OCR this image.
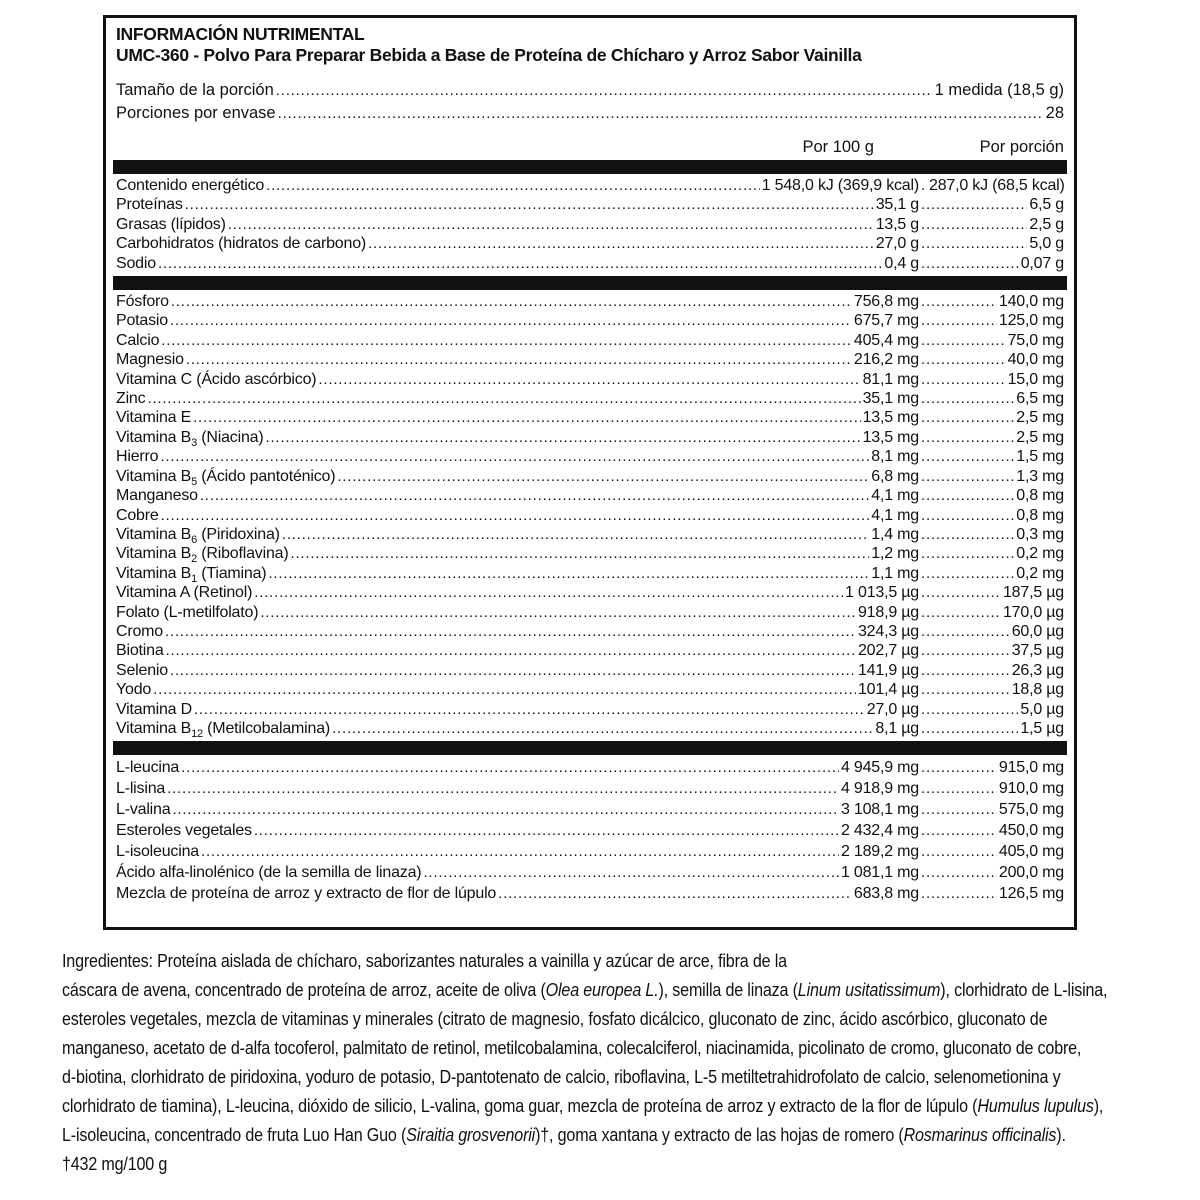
INFORMACIÓN NUTRIMENTAL
UMC-360 - Polvo Para Preparar Bebida a Base de Proteína de Chícharo y Arroz Sabor Vainilla
Tamaño de la porción .....	1 medida (18,5 g)
Porciones por envase .....	28
Por 100 g	Por porción
Contenido energético .....	1 548,0 kJ (369,9 kcal) ..... 287,0 kJ (68,5 kcal)
Proteínas .....	35,1 g .....	6,5 g
Grasas (lípidos) .....	13,5 g .....	2,5 g
Carbohidratos (hidratos de carbono) .....	27,0 g .....	5,0 g
Sodio .....	0,4 g .....	0,07 g
Fósforo .....	756,8 mg .....	140,0 mg
Potasio .....	675,7 mg .....	125,0 mg
Calcio .....	405,4 mg .....	75,0 mg
Magnesio .....	216,2 mg .....	40,0 mg
Vitamina C (Ácido ascórbico) .....	81,1 mg .....	15,0 mg
Zinc .....	35,1 mg .....	6,5 mg
Vitamina E .....	13,5 mg .....	2,5 mg
Vitamina $B_3$ (Niacina) .....	13,5 mg .....	2,5 mg
Hierro .....	8,1 mg .....	1,5 mg
Vitamina $B_5$ (Ácido pantoténico) .....	6,8 mg .....	1,3 mg
Manganeso .....	4,1 mg .....	0,8 mg
Cobre .....	4,1 mg .....	0,8 mg
Vitamina $B_6$ (Piridoxina) .....	1,4 mg .....	0,3 mg
Vitamina $B_2$ (Riboflavina) .....	1,2 mg .....	0,2 mg
Vitamina $B_1$ (Tiamina) .....	1,1 mg .....	0,2 mg
Vitamina A (Retinol) .....	1 013,5 µg .....	187,5 µg
Folato (L-metilfolato) .....	918,9 µg .....	170,0 µg
Cromo .....	324,3 µg .....	60,0 µg
Biotina .....	202,7 µg .....	37,5 µg
Selenio .....	141,9 µg .....	26,3 µg
Yodo .....	101,4 µg .....	18,8 µg
Vitamina D .....	27,0 µg .....	5,0 µg
Vitamina $B_{12}$ (Metilcobalamina) .....	8,1 µg .....	1,5 µg
L-leucina .....	4 945,9 mg .....	915,0 mg
L-lisina .....	4 918,9 mg .....	910,0 mg
L-valina .....	3 108,1 mg .....	575,0 mg
Esteroles vegetales .....	2 432,4 mg .....	450,0 mg
L-isoleucina .....	2 189,2 mg .....	405,0 mg
Ácido alfa-linolénico (de la semilla de linaza) .....	1 081,1 mg .....	200,0 mg
Mezcla de proteína de arroz y extracto de flor de lúpulo .....	683,8 mg .....	126,5 mg
Ingredientes: Proteína aislada de chícharo, saborizantes naturales a vainilla y azúcar de arce, fibra de la
cáscara de avena, concentrado de proteína de arroz, aceite de oliva (Olea europea L.), semilla de linaza (Linum usitatissimum), clorhidrato de L-lisina,
esteroles vegetales, mezcla de vitaminas y minerales (citrato de magnesio, fosfato dicálcico, gluconato de zinc, ácido ascórbico, gluconato de
manganeso, acetato de d-alfa tocoferol, palmitato de retinol, metilcobalamina, colecalciferol, niacinamida, picolinato de cromo, gluconato de cobre,
d-biotina, clorhidrato de piridoxina, yoduro de potasio, D-pantotenato de calcio, riboflavina, L-5 metiltetrahidrofolato de calcio, selenometionina y
clorhidrato de tiamina), L-leucina, dióxido de silicio, L-valina, goma guar, mezcla de proteína de arroz y extracto de la flor de lúpulo (Humulus lupulus),
L-isoleucina, concentrado de fruta Luo Han Guo (Siraitia grosvenorii)†, goma xantana y extracto de las hojas de romero (Rosmarinus officinalis).
†432 mg/100 g
